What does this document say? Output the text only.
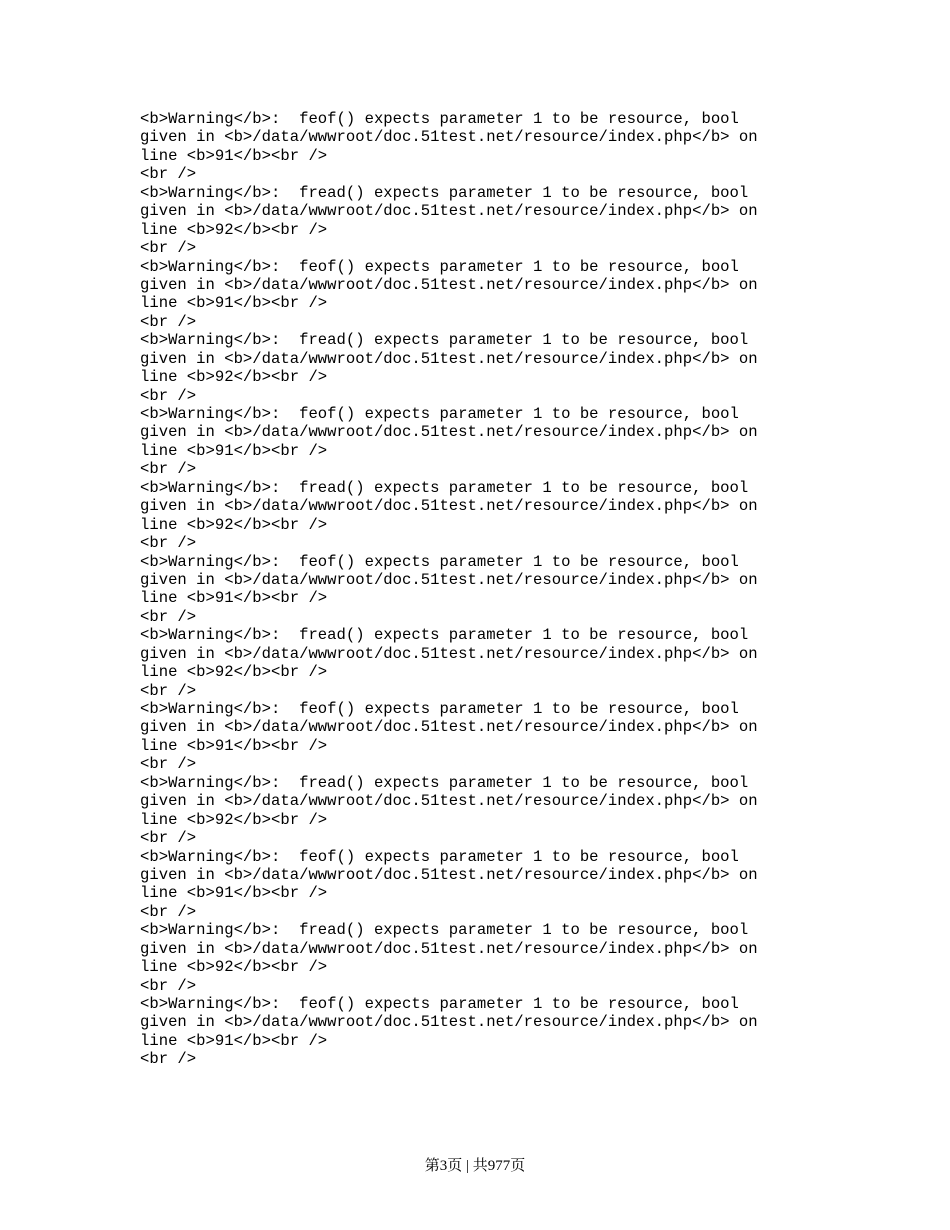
<b>Warning</b>:  feof() expects parameter 1 to be resource, bool
given in <b>/data/wwwroot/doc.51test.net/resource/index.php</b> on
line <b>91</b><br />
<br />
<b>Warning</b>:  fread() expects parameter 1 to be resource, bool
given in <b>/data/wwwroot/doc.51test.net/resource/index.php</b> on
line <b>92</b><br />
<br />
<b>Warning</b>:  feof() expects parameter 1 to be resource, bool
given in <b>/data/wwwroot/doc.51test.net/resource/index.php</b> on
line <b>91</b><br />
<br />
<b>Warning</b>:  fread() expects parameter 1 to be resource, bool
given in <b>/data/wwwroot/doc.51test.net/resource/index.php</b> on
line <b>92</b><br />
<br />
<b>Warning</b>:  feof() expects parameter 1 to be resource, bool
given in <b>/data/wwwroot/doc.51test.net/resource/index.php</b> on
line <b>91</b><br />
<br />
<b>Warning</b>:  fread() expects parameter 1 to be resource, bool
given in <b>/data/wwwroot/doc.51test.net/resource/index.php</b> on
line <b>92</b><br />
<br />
<b>Warning</b>:  feof() expects parameter 1 to be resource, bool
given in <b>/data/wwwroot/doc.51test.net/resource/index.php</b> on
line <b>91</b><br />
<br />
<b>Warning</b>:  fread() expects parameter 1 to be resource, bool
given in <b>/data/wwwroot/doc.51test.net/resource/index.php</b> on
line <b>92</b><br />
<br />
<b>Warning</b>:  feof() expects parameter 1 to be resource, bool
given in <b>/data/wwwroot/doc.51test.net/resource/index.php</b> on
line <b>91</b><br />
<br />
<b>Warning</b>:  fread() expects parameter 1 to be resource, bool
given in <b>/data/wwwroot/doc.51test.net/resource/index.php</b> on
line <b>92</b><br />
<br />
<b>Warning</b>:  feof() expects parameter 1 to be resource, bool
given in <b>/data/wwwroot/doc.51test.net/resource/index.php</b> on
line <b>91</b><br />
<br />
<b>Warning</b>:  fread() expects parameter 1 to be resource, bool
given in <b>/data/wwwroot/doc.51test.net/resource/index.php</b> on
line <b>92</b><br />
<br />
<b>Warning</b>:  feof() expects parameter 1 to be resource, bool
given in <b>/data/wwwroot/doc.51test.net/resource/index.php</b> on
line <b>91</b><br />
<br />
第3页 | 共977页
